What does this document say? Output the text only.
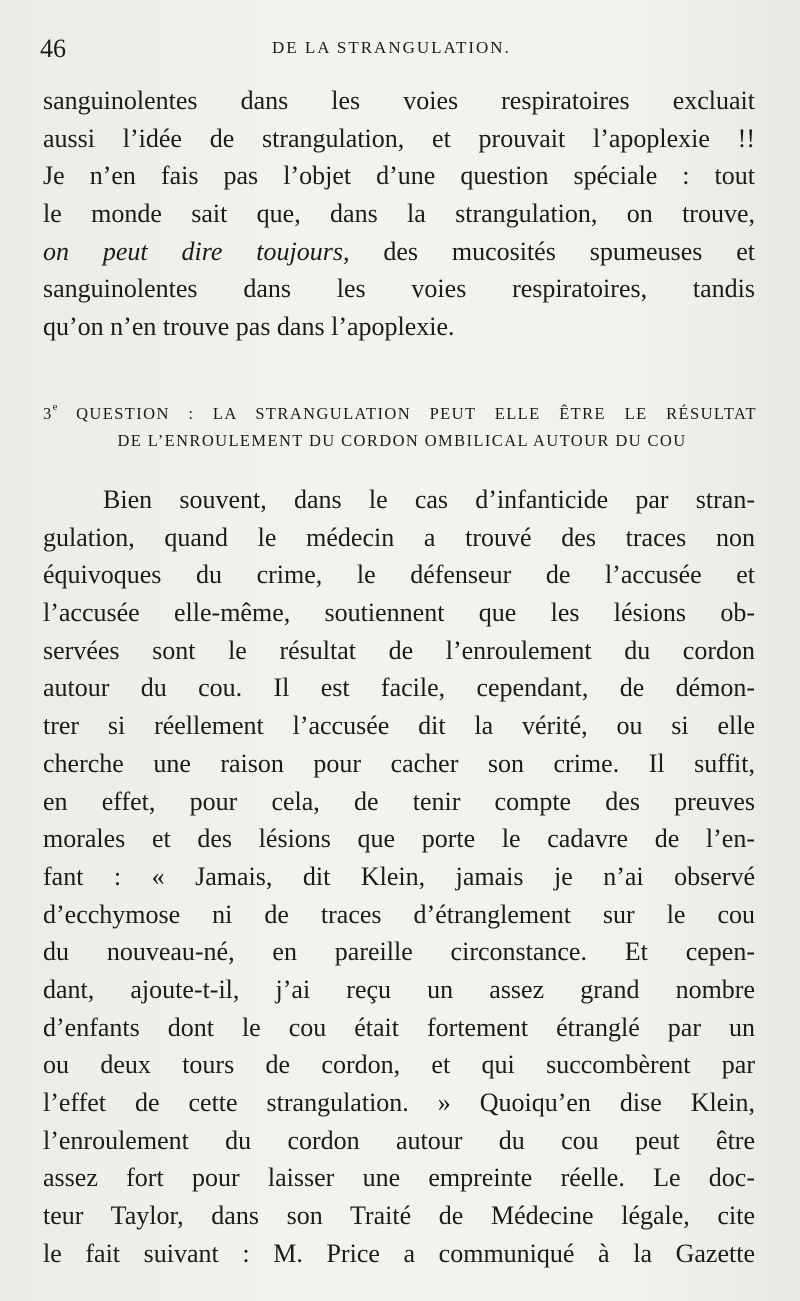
46	DE LA STRANGULATION.
sanguinolentes dans les voies respiratoires excluait
aussi l’idée de strangulation, et prouvait l’apoplexie !!
Je n’en fais pas l’objet d’une question spéciale : tout
le monde sait que, dans la strangulation, on trouve,
on peut dire toujours, des mucosités spumeuses et
sanguinolentes dans les voies respiratoires, tandis
qu’on n’en trouve pas dans l’apoplexie.
3e QUESTION : LA STRANGULATION PEUT ELLE ÊTRE LE RÉSULTAT
DE L’ENROULEMENT DU CORDON OMBILICAL AUTOUR DU COU
Bien souvent, dans le cas d’infanticide par stran-
gulation, quand le médecin a trouvé des traces non
équivoques du crime, le défenseur de l’accusée et
l’accusée elle-même, soutiennent que les lésions ob-
servées sont le résultat de l’enroulement du cordon
autour du cou. Il est facile, cependant, de démon-
trer si réellement l’accusée dit la vérité, ou si elle
cherche une raison pour cacher son crime. Il suffit,
en effet, pour cela, de tenir compte des preuves
morales et des lésions que porte le cadavre de l’en-
fant : « Jamais, dit Klein, jamais je n’ai observé
d’ecchymose ni de traces d’étranglement sur le cou
du nouveau-né, en pareille circonstance. Et cepen-
dant, ajoute-t-il, j’ai reçu un assez grand nombre
d’enfants dont le cou était fortement étranglé par un
ou deux tours de cordon, et qui succombèrent par
l’effet de cette strangulation. » Quoiqu’en dise Klein,
l’enroulement du cordon autour du cou peut être
assez fort pour laisser une empreinte réelle. Le doc-
teur Taylor, dans son Traité de Médecine légale, cite
le fait suivant : M. Price a communiqué à la Gazette
